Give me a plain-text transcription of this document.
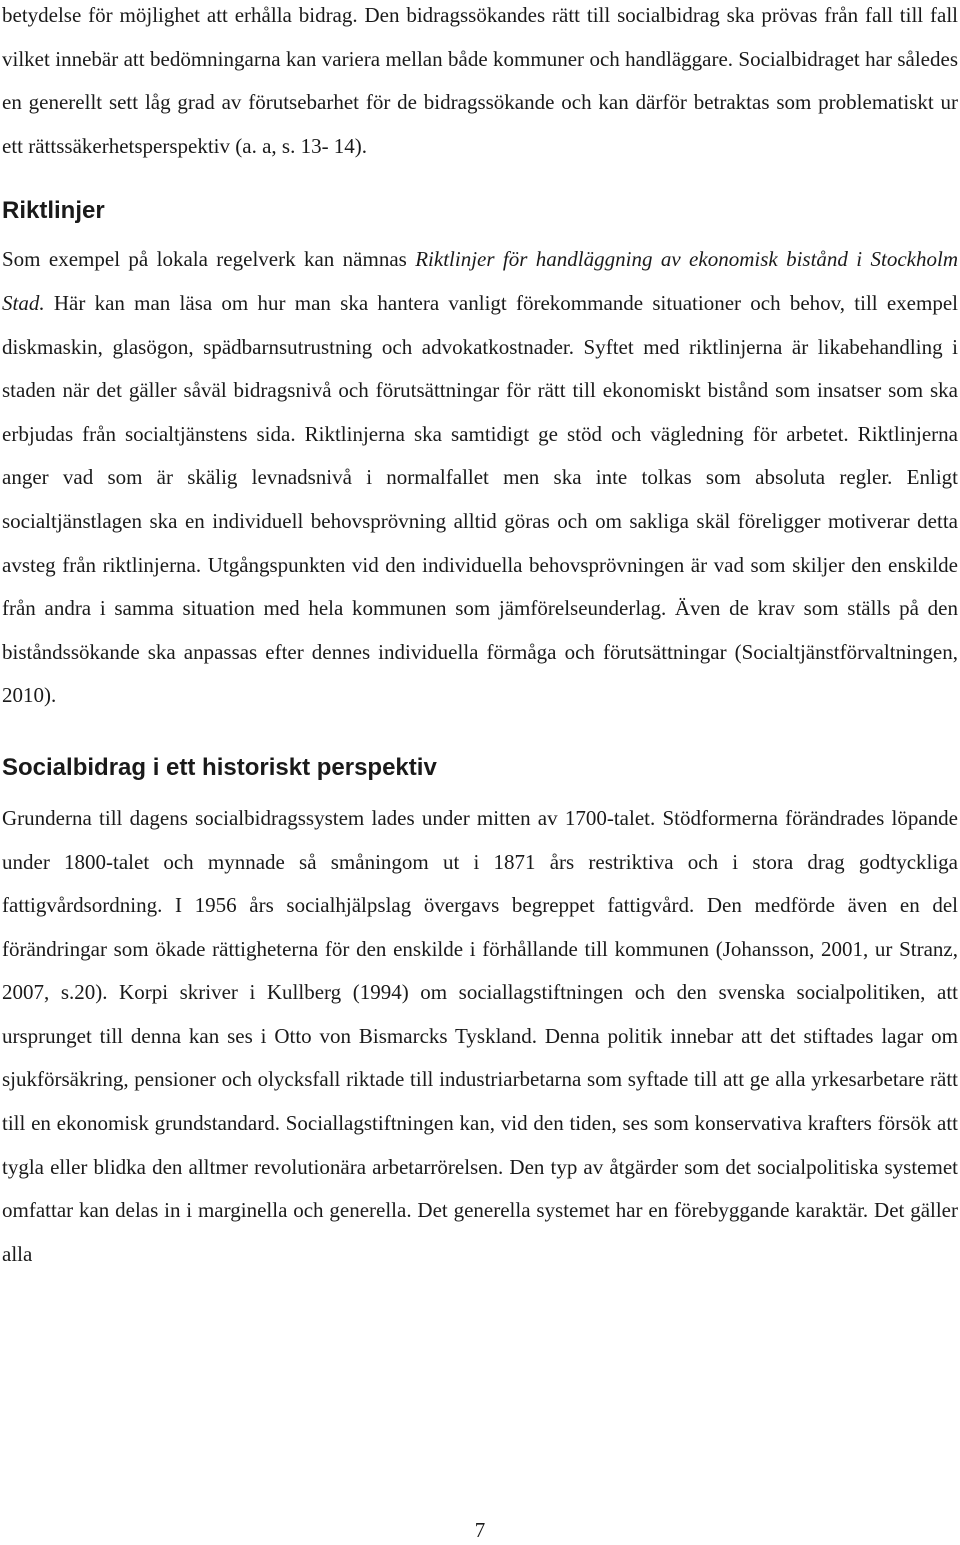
betydelse för möjlighet att erhålla bidrag. Den bidragssökandes rätt till socialbidrag ska prövas från fall till fall vilket innebär att bedömningarna kan variera mellan både kommuner och handläggare. Socialbidraget har således en generellt sett låg grad av förutsebarhet för de bidragssökande och kan därför betraktas som problematiskt ur ett rättssäkerhetsperspektiv (a. a, s. 13- 14).

Riktlinjer

Som exempel på lokala regelverk kan nämnas Riktlinjer för handläggning av ekonomisk bistånd i Stockholm Stad. Här kan man läsa om hur man ska hantera vanligt förekommande situationer och behov, till exempel diskmaskin, glasögon, spädbarnsutrustning och advokatkostnader. Syftet med riktlinjerna är likabehandling i staden när det gäller såväl bidragsnivå och förutsättningar för rätt till ekonomiskt bistånd som insatser som ska erbjudas från socialtjänstens sida. Riktlinjerna ska samtidigt ge stöd och vägledning för arbetet. Riktlinjerna anger vad som är skälig levnadsnivå i normalfallet men ska inte tolkas som absoluta regler. Enligt socialtjänstlagen ska en individuell behovsprövning alltid göras och om sakliga skäl föreligger motiverar detta avsteg från riktlinjerna. Utgångspunkten vid den individuella behovsprövningen är vad som skiljer den enskilde från andra i samma situation med hela kommunen som jämförelseunderlag. Även de krav som ställs på den biståndssökande ska anpassas efter dennes individuella förmåga och förutsättningar (Socialtjänstförvaltningen, 2010).

Socialbidrag i ett historiskt perspektiv

Grunderna till dagens socialbidragssystem lades under mitten av 1700-talet. Stödformerna förändrades löpande under 1800-talet och mynnade så småningom ut i 1871 års restriktiva och i stora drag godtyckliga fattigvårdsordning. I 1956 års socialhjälpslag övergavs begreppet fattigvård. Den medförde även en del förändringar som ökade rättigheterna för den enskilde i förhållande till kommunen (Johansson, 2001, ur Stranz, 2007, s.20). Korpi skriver i Kullberg (1994) om sociallagstiftningen och den svenska socialpolitiken, att ursprunget till denna kan ses i Otto von Bismarcks Tyskland. Denna politik innebar att det stiftades lagar om sjukförsäkring, pensioner och olycksfall riktade till industriarbetarna som syftade till att ge alla yrkesarbetare rätt till en ekonomisk grundstandard. Sociallagstiftningen kan, vid den tiden, ses som konservativa krafters försök att tygla eller blidka den alltmer revolutionära arbetarrörelsen. Den typ av åtgärder som det socialpolitiska systemet omfattar kan delas in i marginella och generella. Det generella systemet har en förebyggande karaktär. Det gäller alla

7
